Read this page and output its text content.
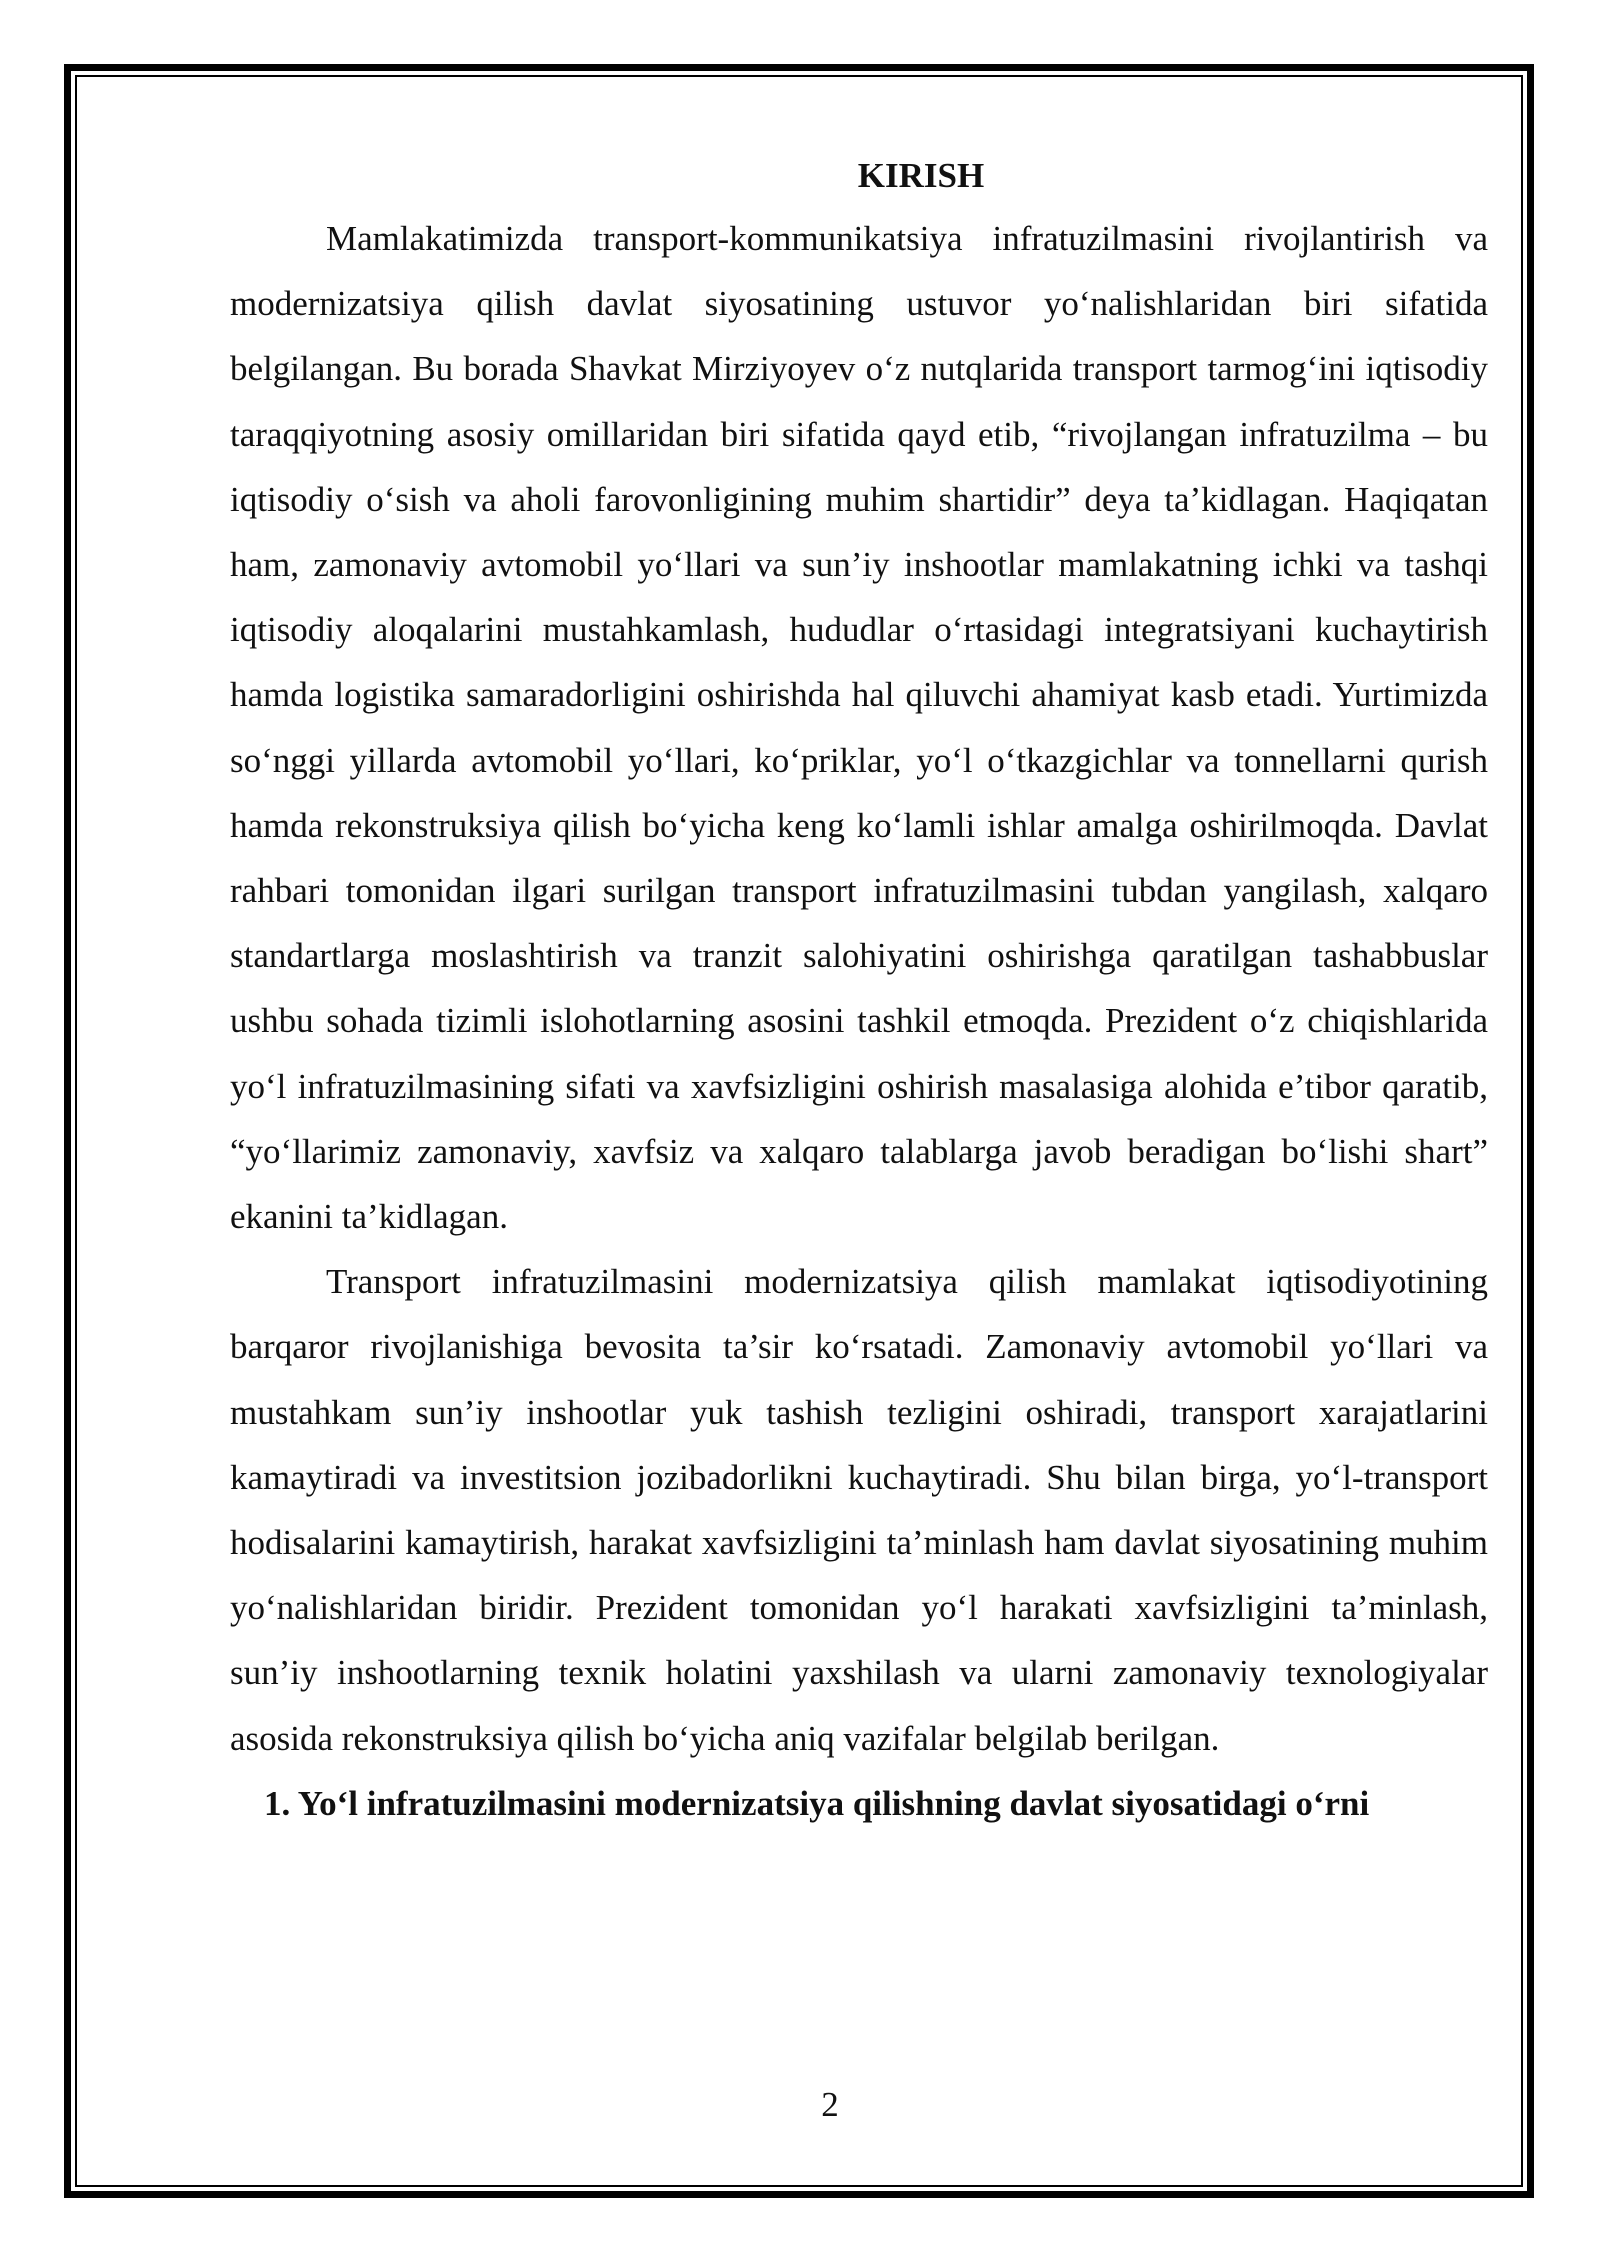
KIRISH

Mamlakatimizda transport-kommunikatsiya infratuzilmasini rivojlantirish va modernizatsiya qilish davlat siyosatining ustuvor yo‘nalishlaridan biri sifatida belgilangan. Bu borada Shavkat Mirziyoyev o‘z nutqlarida transport tarmog‘ini iqtisodiy taraqqiyotning asosiy omillaridan biri sifatida qayd etib, “rivojlangan infratuzilma – bu iqtisodiy o‘sish va aholi farovonligining muhim shartidir” deya ta’kidlagan. Haqiqatan ham, zamonaviy avtomobil yo‘llari va sun’iy inshootlar mamlakatning ichki va tashqi iqtisodiy aloqalarini mustahkamlash, hududlar o‘rtasidagi integratsiyani kuchaytirish hamda logistika samaradorligini oshirishda hal qiluvchi ahamiyat kasb etadi. Yurtimizda so‘nggi yillarda avtomobil yo‘llari, ko‘priklar, yo‘l o‘tkazgichlar va tonnellarni qurish hamda rekonstruksiya qilish bo‘yicha keng ko‘lamli ishlar amalga oshirilmoqda. Davlat rahbari tomonidan ilgari surilgan transport infratuzilmasini tubdan yangilash, xalqaro standartlarga moslashtirish va tranzit salohiyatini oshirishga qaratilgan tashabbuslar ushbu sohada tizimli islohotlarning asosini tashkil etmoqda. Prezident o‘z chiqishlarida yo‘l infratuzilmasining sifati va xavfsizligini oshirish masalasiga alohida e’tibor qaratib, “yo‘llarimiz zamonaviy, xavfsiz va xalqaro talablarga javob beradigan bo‘lishi shart” ekanini ta’kidlagan.

Transport infratuzilmasini modernizatsiya qilish mamlakat iqtisodiyotining barqaror rivojlanishiga bevosita ta’sir ko‘rsatadi. Zamonaviy avtomobil yo‘llari va mustahkam sun’iy inshootlar yuk tashish tezligini oshiradi, transport xarajatlarini kamaytiradi va investitsion jozibadorlikni kuchaytiradi. Shu bilan birga, yo‘l-transport hodisalarini kamaytirish, harakat xavfsizligini ta’minlash ham davlat siyosatining muhim yo‘nalishlaridan biridir. Prezident tomonidan yo‘l harakati xavfsizligini ta’minlash, sun’iy inshootlarning texnik holatini yaxshilash va ularni zamonaviy texnologiyalar asosida rekonstruksiya qilish bo‘yicha aniq vazifalar belgilab berilgan.

1. Yo‘l infratuzilmasini modernizatsiya qilishning davlat siyosatidagi o‘rni
2
